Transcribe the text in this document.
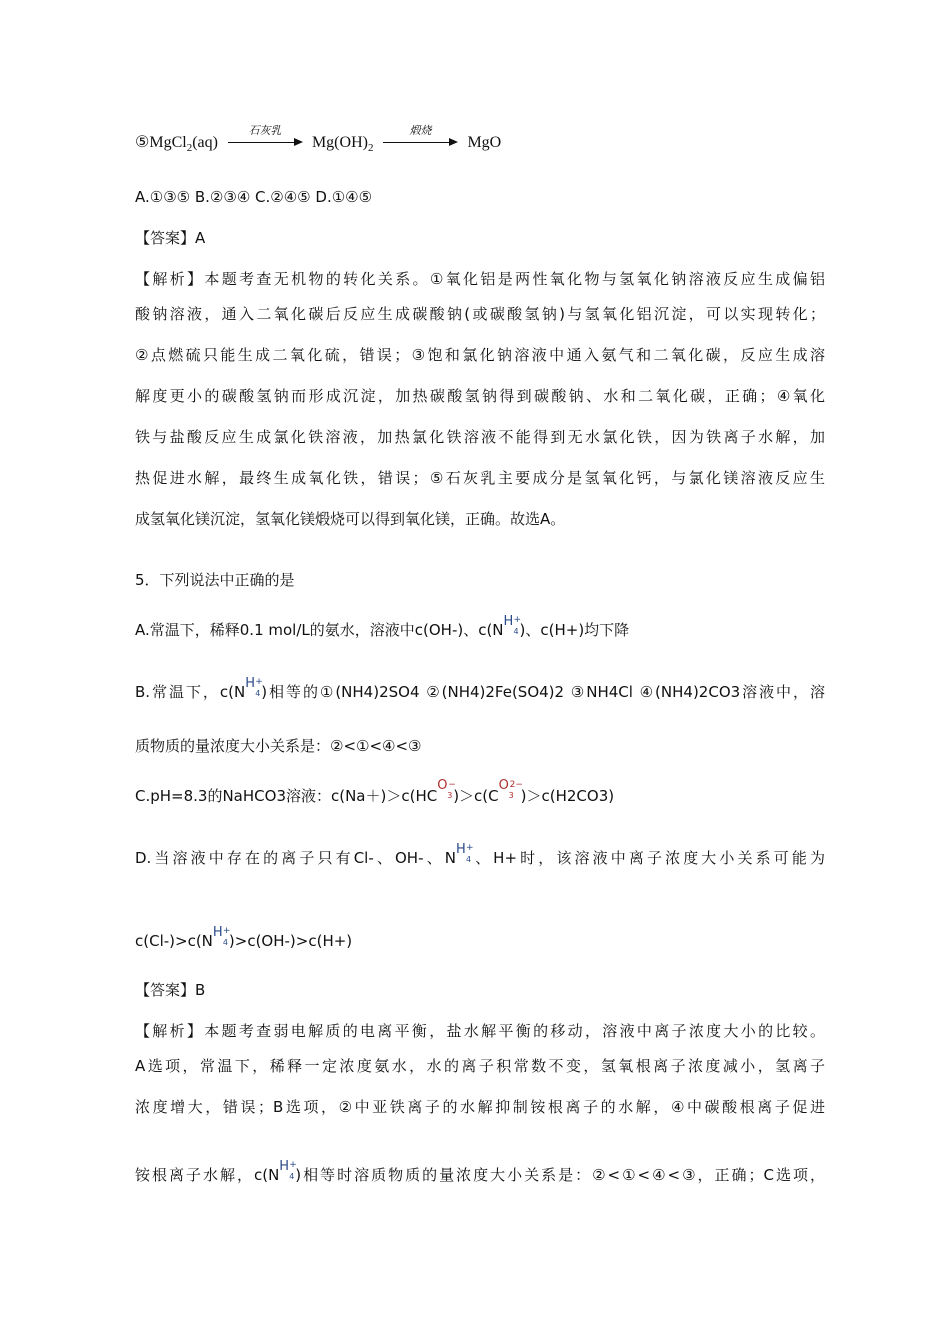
⑤MgCl$_2$(aq)
石灰乳
$Mg(OH)_2$
煅烧
MgO
A.①③⑤ B.②③④ C.②④⑤ D.①④⑤
【答案】A
【解析】本题考查无机物的转化关系。①氧化铝是两性氧化物与氢氧化钠溶液反应生成偏铝
酸钠溶液，通入二氧化碳后反应生成碳酸钠(或碳酸氢钠)与氢氧化铝沉淀，可以实现转化；
②点燃硫只能生成二氧化硫，错误；③饱和氯化钠溶液中通入氨气和二氧化碳，反应生成溶
解度更小的碳酸氢钠而形成沉淀，加热碳酸氢钠得到碳酸钠、水和二氧化碳，正确；④氧化
铁与盐酸反应生成氯化铁溶液，加热氯化铁溶液不能得到无水氯化铁，因为铁离子水解，加
热促进水解，最终生成氧化铁，错误；⑤石灰乳主要成分是氢氧化钙，与氯化镁溶液反应生
成氢氧化镁沉淀，氢氧化镁煅烧可以得到氧化镁，正确。故选A。
5．下列说法中正确的是
A.常温下，稀释0.1 mol/L的氨水，溶液中c(OH-)、c(N H +
4 )、c(H+)均下降
B.常温下，c(N H +
4 )相等的①(NH4)2SO4 ②(NH4)2Fe(SO4)2 ③NH4Cl ④(NH4)2CO3溶液中，溶
质物质的量浓度大小关系是：②<①<④<③
C.pH=8.3的NaHCO3溶液：c(Na＋)＞c(HC
O −
3 )＞c(C
O 2−
3 )＞c(H2CO3)
D.当溶液中存在的离子只有Cl-、OH-、N H +
4 、H+时，该溶液中离子浓度大小关系可能为
c(Cl-)>c(N H +
4 )>c(OH-)>c(H+)
【答案】B
【解析】本题考查弱电解质的电离平衡，盐水解平衡的移动，溶液中离子浓度大小的比较。
A选项，常温下，稀释一定浓度氨水，水的离子积常数不变，氢氧根离子浓度减小，氢离子
浓度增大，错误；B选项，②中亚铁离子的水解抑制铵根离子的水解，④中碳酸根离子促进
铵根离子水解，c(N H +
4 )相等时溶质物质的量浓度大小关系是：②<①<④<③，正确；C选项，
